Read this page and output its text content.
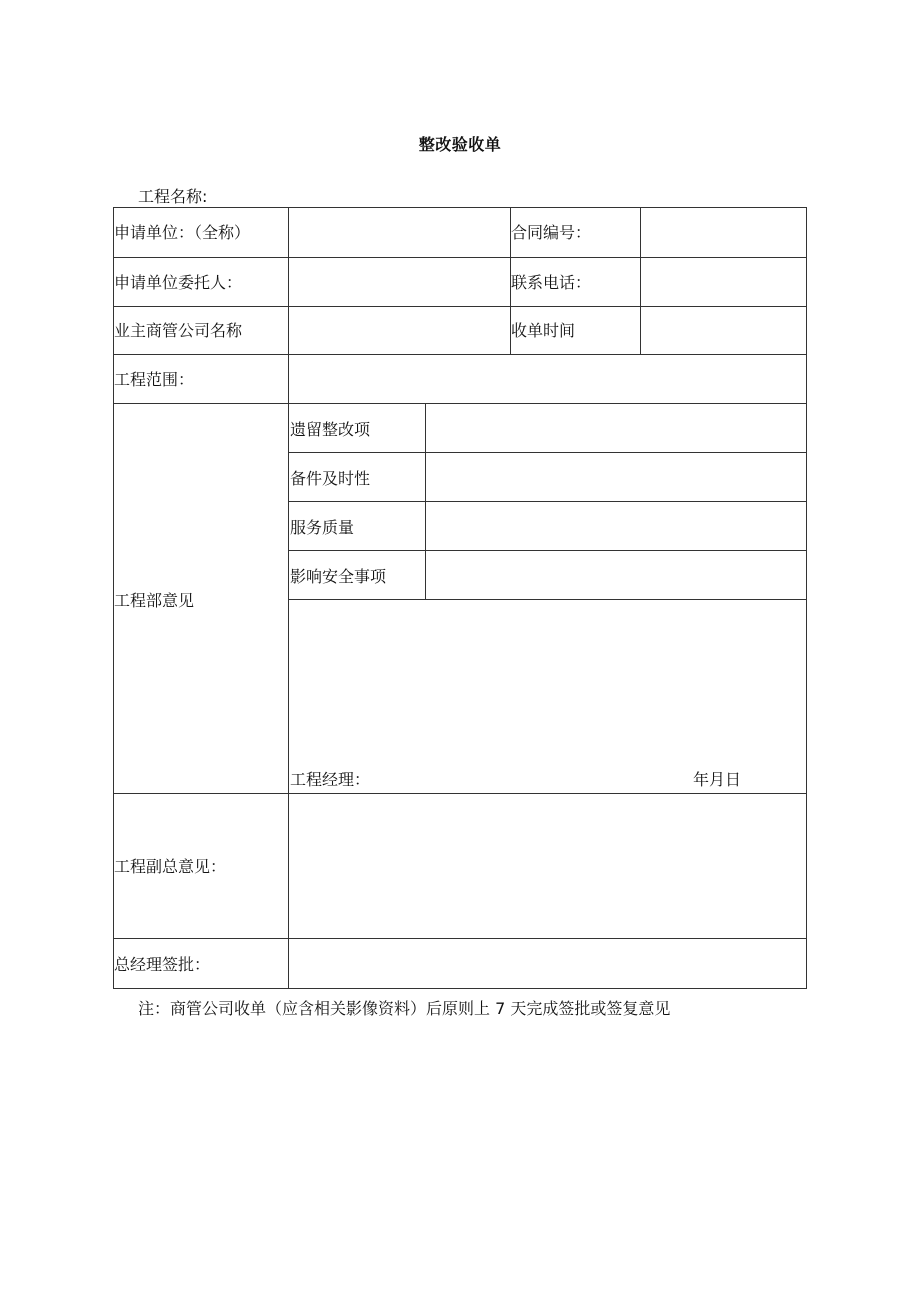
整改验收单
工程名称:
申请单位：（全称）	合同编号：
申请单位委托人：	联系电话：
业主商管公司名称	收单时间
工程范围：
工程部意见
遗留整改项
备件及时性
服务质量
影响安全事项
工程经理：	年月日
工程副总意见：
总经理签批：
注：商管公司收单（应含相关影像资料）后原则上 7 天完成签批或签复意见
